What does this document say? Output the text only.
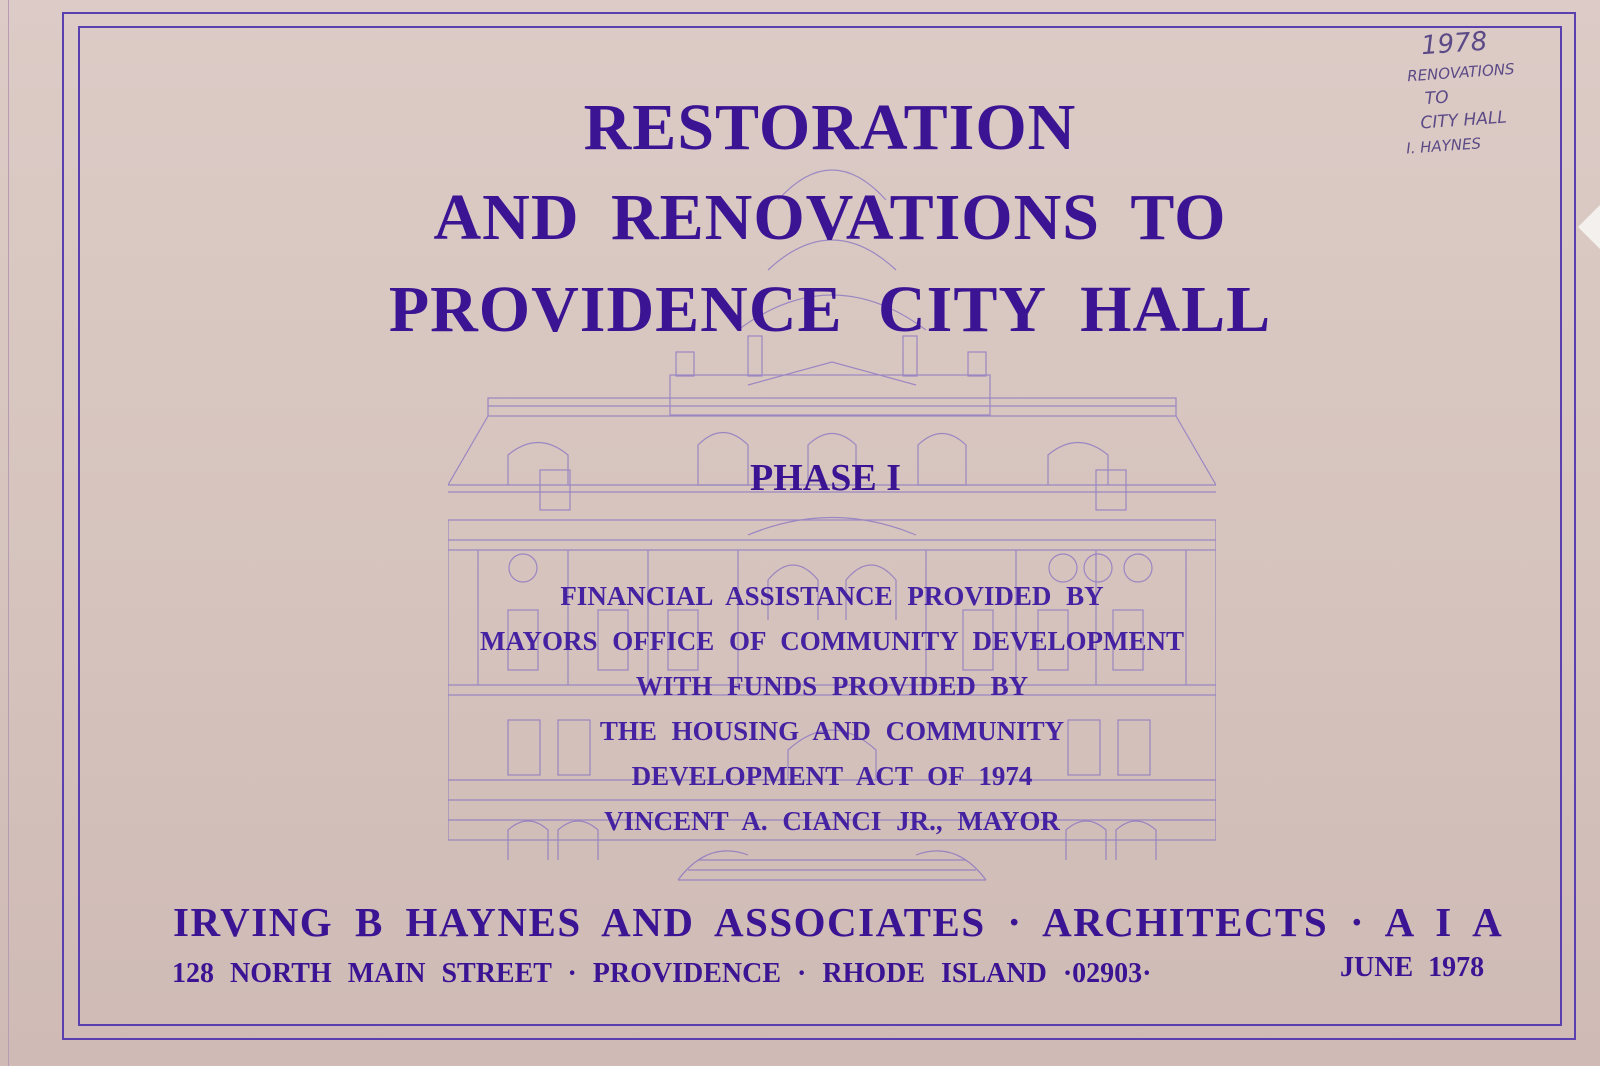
RESTORATION
AND RENOVATIONS TO
PROVIDENCE CITY HALL
PHASE I
FINANCIAL ASSISTANCE PROVIDED BY
MAYORS OFFICE OF COMMUNITY DEVELOPMENT
WITH FUNDS PROVIDED BY
THE HOUSING AND COMMUNITY
DEVELOPMENT ACT OF 1974
VINCENT A. CIANCI JR., MAYOR
IRVING B HAYNES AND ASSOCIATES · ARCHITECTS · A I A
128 NORTH MAIN STREET · PROVIDENCE · RHODE ISLAND ·02903·	JUNE 1978
1978
RENOVATIONS
TO
CITY HALL
I. HAYNES
